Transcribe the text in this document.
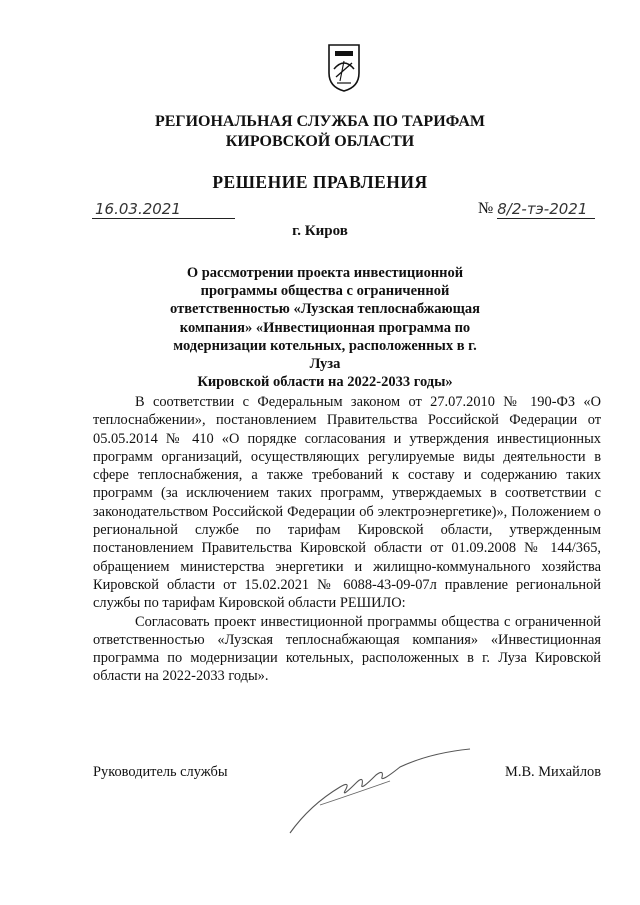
РЕГИОНАЛЬНАЯ СЛУЖБА ПО ТАРИФАМ
КИРОВСКОЙ ОБЛАСТИ
РЕШЕНИЕ ПРАВЛЕНИЯ
16.03.2021	№ 8/2-тэ-2021
г. Киров
О рассмотрении проекта инвестиционной
программы общества с ограниченной
ответственностью «Лузская теплоснабжающая
компания» «Инвестиционная программа по
модернизации котельных, расположенных в г. Луза
Кировской области на 2022-2033 годы»

В соответствии с Федеральным законом от 27.07.2010 № 190-ФЗ «О теплоснабжении», постановлением Правительства Российской Федерации от 05.05.2014 № 410 «О порядке согласования и утверждения инвестиционных программ организаций, осуществляющих регулируемые виды деятельности в сфере теплоснабжения, а также требований к составу и содержанию таких программ (за исключением таких программ, утверждаемых в соответствии с законодательством Российской Федерации об электроэнергетике)», Положением о региональной службе по тарифам Кировской области, утвержденным постановлением Правительства Кировской области от 01.09.2008 № 144/365, обращением министерства энергетики и жилищно-коммунального хозяйства Кировской области от 15.02.2021 № 6088-43-09-07л правление региональной службы по тарифам Кировской области РЕШИЛО:

Согласовать проект инвестиционной программы общества с ограниченной ответственностью «Лузская теплоснабжающая компания» «Инвестиционная программа по модернизации котельных, расположенных в г. Луза Кировской области на 2022-2033 годы».

Руководитель службы	М.В. Михайлов
